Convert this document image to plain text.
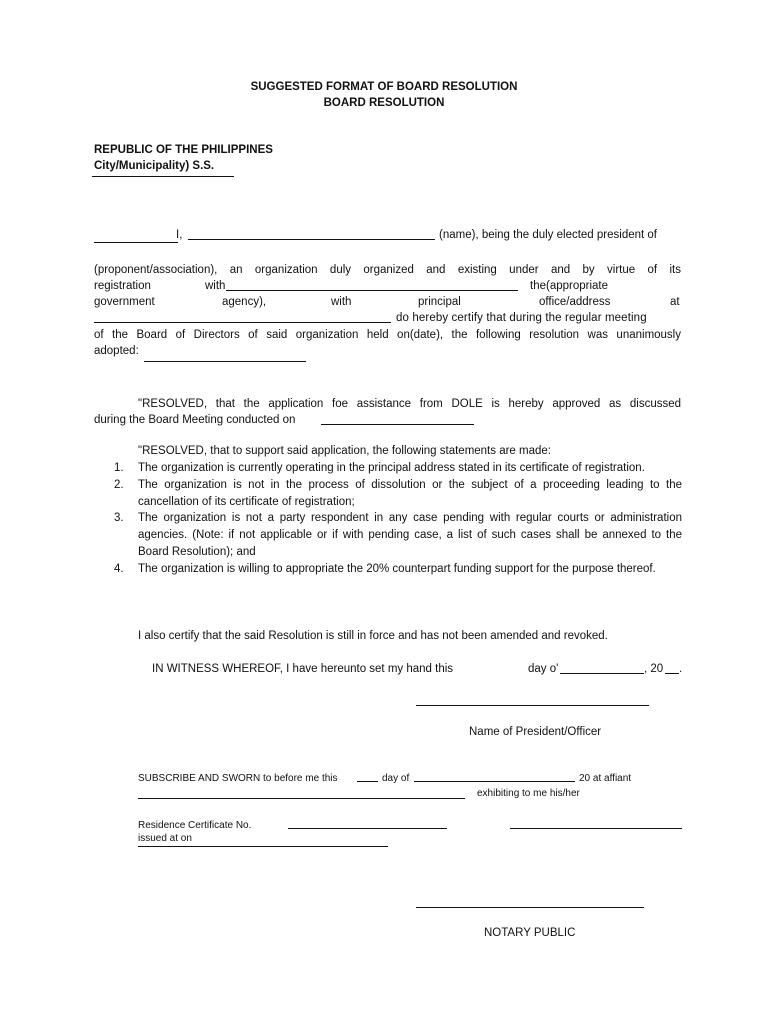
SUGGESTED FORMAT OF BOARD RESOLUTION
BOARD RESOLUTION
REPUBLIC OF THE PHILIPPINES
City/Municipality) S.S.
I,	(name), being the duly elected president of
(proponent/association), an organization duly organized and existing under and by virtue of its
registration	with	the(appropriate
government	agency),	with	principal	office/address	at
do hereby certify that during the regular meeting
of the Board of Directors of said organization held on(date), the following resolution was unanimously
adopted:
"RESOLVED, that the application foe assistance from DOLE is hereby approved as discussed
during the Board Meeting conducted on
"RESOLVED, that to support said application, the following statements are made:
1. The organization is currently operating in the principal address stated in its certificate of registration.
2. The organization is not in the process of dissolution or the subject of a proceeding leading to the cancellation of its certificate of registration;
3. The organization is not a party respondent in any case pending with regular courts or administration agencies. (Note: if not applicable or if with pending case, a list of such cases shall be annexed to the Board Resolution); and
4. The organization is willing to appropriate the 20% counterpart funding support for the purpose thereof.
I also certify that the said Resolution is still in force and has not been amended and revoked.
IN WITNESS WHEREOF, I have hereunto set my hand this	day o'	, 20 .
Name of President/Officer
SUBSCRIBE AND SWORN to before me this	day of	20 at affiant
exhibiting to me his/her
Residence Certificate No.
issued at on
NOTARY PUBLIC
